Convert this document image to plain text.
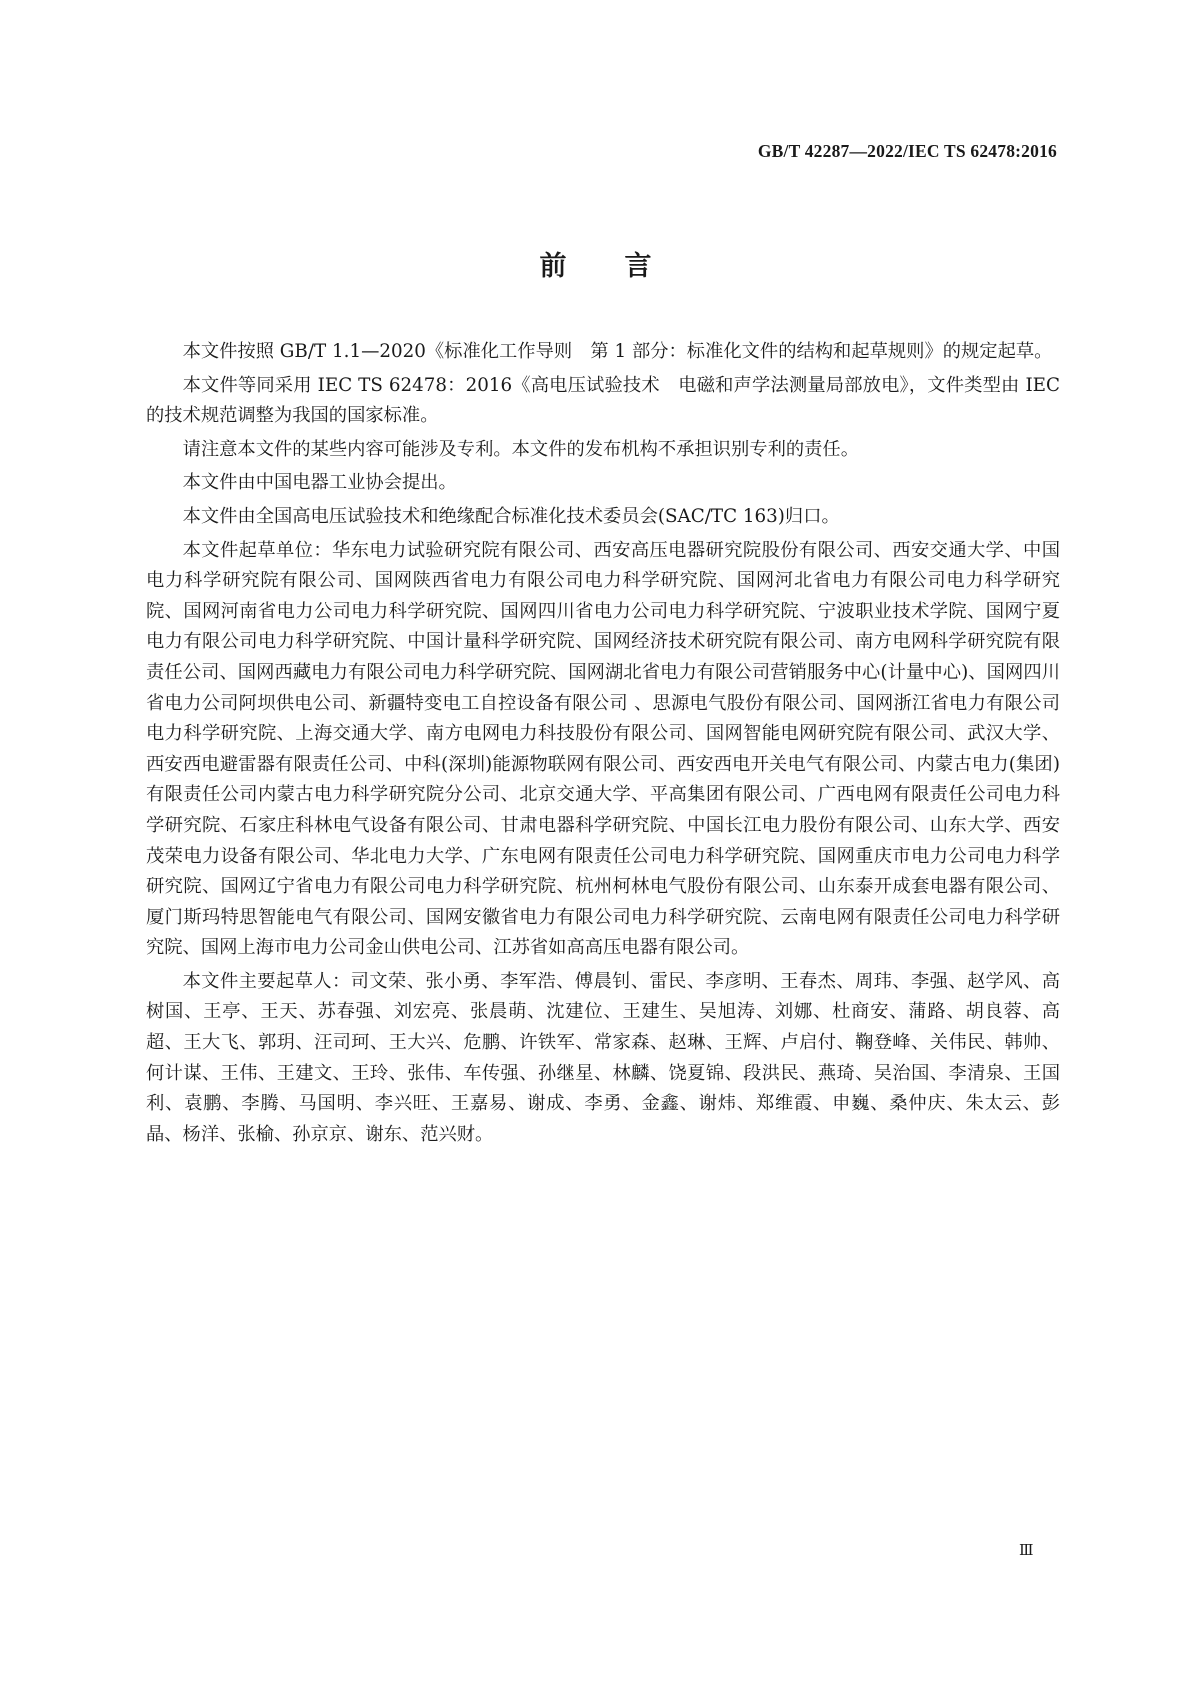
GB/T 42287—2022/IEC TS 62478:2016
前 言

本文件按照 GB/T 1.1—2020《标准化工作导则　第 1 部分：标准化文件的结构和起草规则》的规定起草。

本文件等同采用 IEC TS 62478：2016《高电压试验技术　电磁和声学法测量局部放电》，文件类型由 IEC 的技术规范调整为我国的国家标准。

请注意本文件的某些内容可能涉及专利。本文件的发布机构不承担识别专利的责任。

本文件由中国电器工业协会提出。

本文件由全国高电压试验技术和绝缘配合标准化技术委员会(SAC/TC 163)归口。

本文件起草单位：华东电力试验研究院有限公司、西安高压电器研究院股份有限公司、西安交通大学、中国电力科学研究院有限公司、国网陕西省电力有限公司电力科学研究院、国网河北省电力有限公司电力科学研究院、国网河南省电力公司电力科学研究院、国网四川省电力公司电力科学研究院、宁波职业技术学院、国网宁夏电力有限公司电力科学研究院、中国计量科学研究院、国网经济技术研究院有限公司、南方电网科学研究院有限责任公司、国网西藏电力有限公司电力科学研究院、国网湖北省电力有限公司营销服务中心(计量中心)、国网四川省电力公司阿坝供电公司、新疆特变电工自控设备有限公司 、思源电气股份有限公司、国网浙江省电力有限公司电力科学研究院、上海交通大学、南方电网电力科技股份有限公司、国网智能电网研究院有限公司、武汉大学、西安西电避雷器有限责任公司、中科(深圳)能源物联网有限公司、西安西电开关电气有限公司、内蒙古电力(集团)有限责任公司内蒙古电力科学研究院分公司、北京交通大学、平高集团有限公司、广西电网有限责任公司电力科学研究院、石家庄科林电气设备有限公司、甘肃电器科学研究院、中国长江电力股份有限公司、山东大学、西安茂荣电力设备有限公司、华北电力大学、广东电网有限责任公司电力科学研究院、国网重庆市电力公司电力科学研究院、国网辽宁省电力有限公司电力科学研究院、杭州柯林电气股份有限公司、山东泰开成套电器有限公司、厦门斯玛特思智能电气有限公司、国网安徽省电力有限公司电力科学研究院、云南电网有限责任公司电力科学研究院、国网上海市电力公司金山供电公司、江苏省如高高压电器有限公司。

本文件主要起草人：司文荣、张小勇、李军浩、傅晨钊、雷民、李彦明、王春杰、周玮、李强、赵学风、高树国、王亭、王天、苏春强、刘宏亮、张晨萌、沈建位、王建生、吴旭涛、刘娜、杜商安、蒲路、胡良蓉、高超、王大飞、郭玥、汪司珂、王大兴、危鹏、许铁军、常家森、赵琳、王辉、卢启付、鞠登峰、关伟民、韩帅、何计谋、王伟、王建文、王玲、张伟、车传强、孙继星、林麟、饶夏锦、段洪民、燕琦、吴治国、李清泉、王国利、袁鹏、李腾、马国明、李兴旺、王嘉易、谢成、李勇、金鑫、谢炜、郑维霞、申巍、桑仲庆、朱太云、彭晶、杨洋、张榆、孙京京、谢东、范兴财。

Ⅲ
